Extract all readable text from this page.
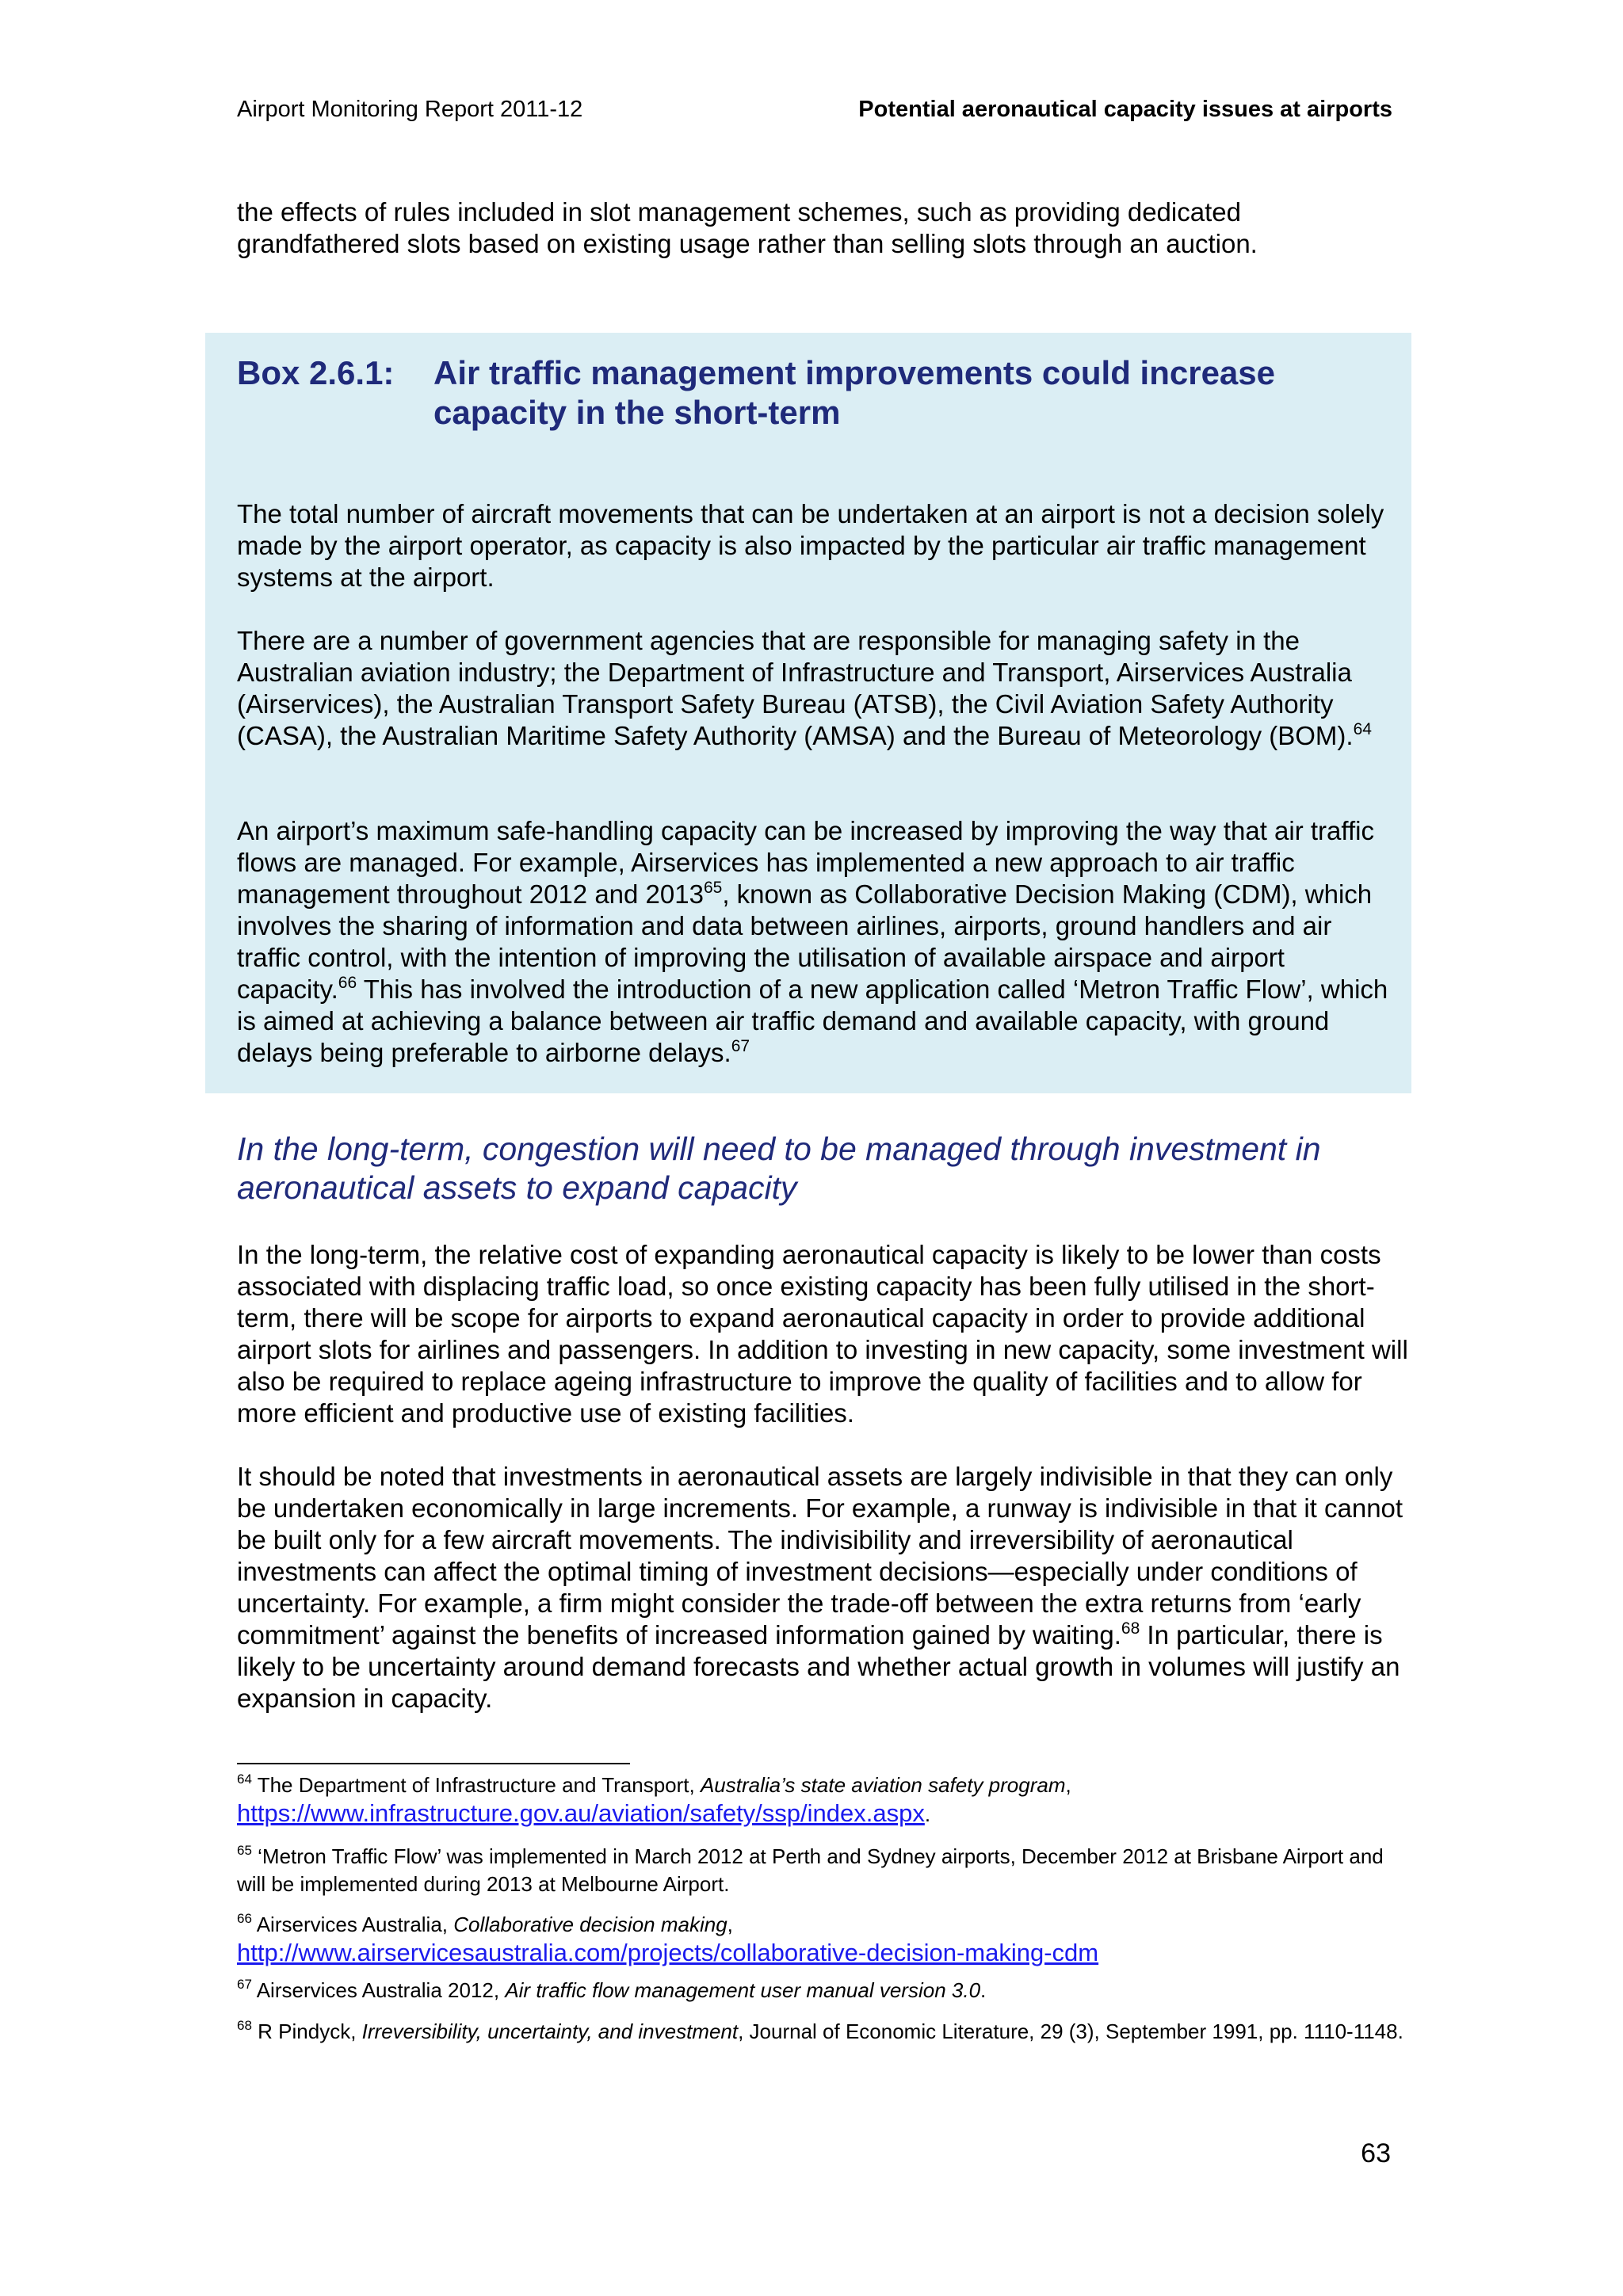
Airport Monitoring Report 2011-12	Potential aeronautical capacity issues at airports

the effects of rules included in slot management schemes, such as providing dedicated grandfathered slots based on existing usage rather than selling slots through an auction.

Box 2.6.1: Air traffic management improvements could increase capacity in the short-term

The total number of aircraft movements that can be undertaken at an airport is not a decision solely made by the airport operator, as capacity is also impacted by the particular air traffic management systems at the airport.

There are a number of government agencies that are responsible for managing safety in the Australian aviation industry; the Department of Infrastructure and Transport, Airservices Australia (Airservices), the Australian Transport Safety Bureau (ATSB), the Civil Aviation Safety Authority (CASA), the Australian Maritime Safety Authority (AMSA) and the Bureau of Meteorology (BOM).$^{64}$

An airport’s maximum safe-handling capacity can be increased by improving the way that air traffic flows are managed. For example, Airservices has implemented a new approach to air traffic management throughout 2012 and 2013$^{65}$, known as Collaborative Decision Making (CDM), which involves the sharing of information and data between airlines, airports, ground handlers and air traffic control, with the intention of improving the utilisation of available airspace and airport capacity.$^{66}$ This has involved the introduction of a new application called ‘Metron Traffic Flow’, which is aimed at achieving a balance between air traffic demand and available capacity, with ground delays being preferable to airborne delays.$^{67}$

In the long-term, congestion will need to be managed through investment in aeronautical assets to expand capacity

In the long-term, the relative cost of expanding aeronautical capacity is likely to be lower than costs associated with displacing traffic load, so once existing capacity has been fully utilised in the short-term, there will be scope for airports to expand aeronautical capacity in order to provide additional airport slots for airlines and passengers. In addition to investing in new capacity, some investment will also be required to replace ageing infrastructure to improve the quality of facilities and to allow for more efficient and productive use of existing facilities.

It should be noted that investments in aeronautical assets are largely indivisible in that they can only be undertaken economically in large increments. For example, a runway is indivisible in that it cannot be built only for a few aircraft movements. The indivisibility and irreversibility of aeronautical investments can affect the optimal timing of investment decisions—especially under conditions of uncertainty. For example, a firm might consider the trade-off between the extra returns from ‘early commitment’ against the benefits of increased information gained by waiting.$^{68}$ In particular, there is likely to be uncertainty around demand forecasts and whether actual growth in volumes will justify an expansion in capacity.

$^{64}$ The Department of Infrastructure and Transport, Australia’s state aviation safety program,
https://www.infrastructure.gov.au/aviation/safety/ssp/index.aspx.
$^{65}$ ‘Metron Traffic Flow’ was implemented in March 2012 at Perth and Sydney airports, December 2012 at Brisbane Airport and will be implemented during 2013 at Melbourne Airport.
$^{66}$ Airservices Australia, Collaborative decision making,
http://www.airservicesaustralia.com/projects/collaborative-decision-making-cdm
$^{67}$ Airservices Australia 2012, Air traffic flow management user manual version 3.0.
$^{68}$ R Pindyck, Irreversibility, uncertainty, and investment, Journal of Economic Literature, 29 (3), September 1991, pp. 1110-1148.
63
